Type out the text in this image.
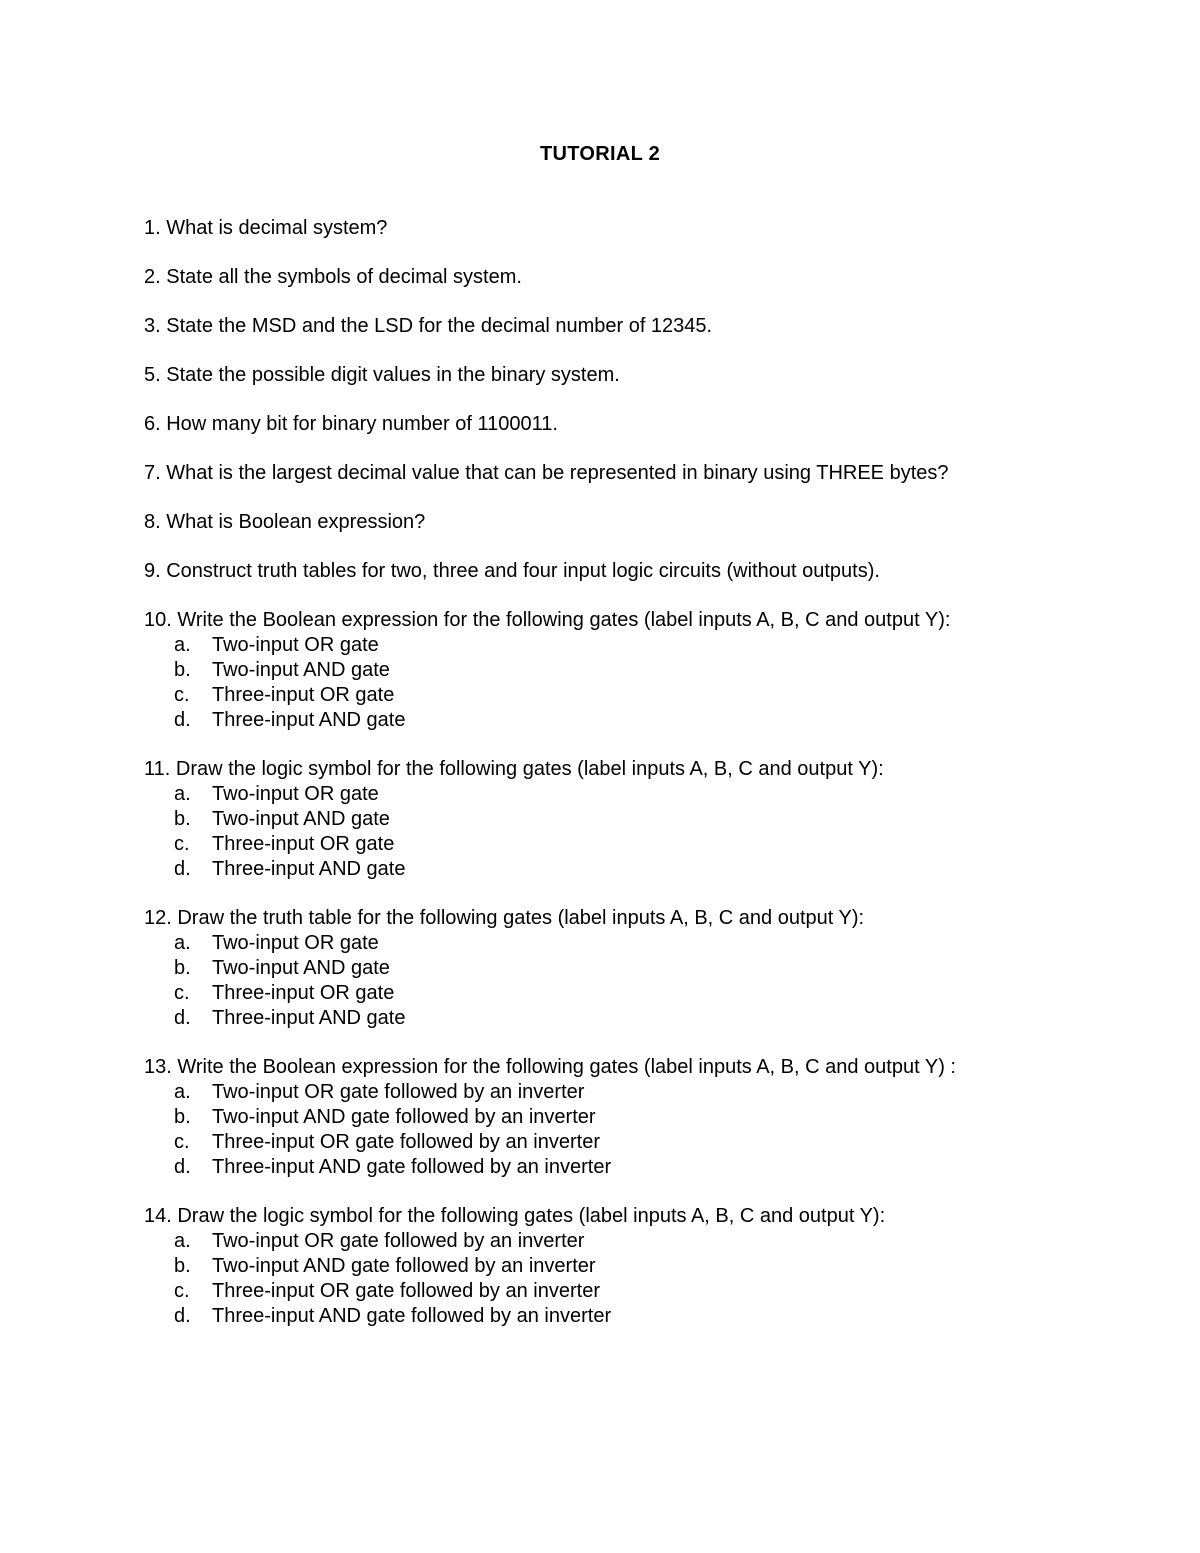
TUTORIAL 2
1. What is decimal system?
2. State all the symbols of decimal system.
3. State the MSD and the LSD for the decimal number of 12345.
5. State the possible digit values in the binary system.
6. How many bit for binary number of 1100011.
7. What is the largest decimal value that can be represented in binary using THREE bytes?
8. What is Boolean expression?
9. Construct truth tables for two, three and four input logic circuits (without outputs).
10. Write the Boolean expression for the following gates (label inputs A, B, C and output Y):
a. Two-input OR gate
b. Two-input AND gate
c. Three-input OR gate
d. Three-input AND gate
11. Draw the logic symbol for the following gates (label inputs A, B, C and output Y):
a. Two-input OR gate
b. Two-input AND gate
c. Three-input OR gate
d. Three-input AND gate
12. Draw the truth table for the following gates (label inputs A, B, C and output Y):
a. Two-input OR gate
b. Two-input AND gate
c. Three-input OR gate
d. Three-input AND gate
13. Write the Boolean expression for the following gates (label inputs A, B, C and output Y) :
a. Two-input OR gate followed by an inverter
b. Two-input AND gate followed by an inverter
c. Three-input OR gate followed by an inverter
d. Three-input AND gate followed by an inverter
14. Draw the logic symbol for the following gates (label inputs A, B, C and output Y):
a. Two-input OR gate followed by an inverter
b. Two-input AND gate followed by an inverter
c. Three-input OR gate followed by an inverter
d. Three-input AND gate followed by an inverter
